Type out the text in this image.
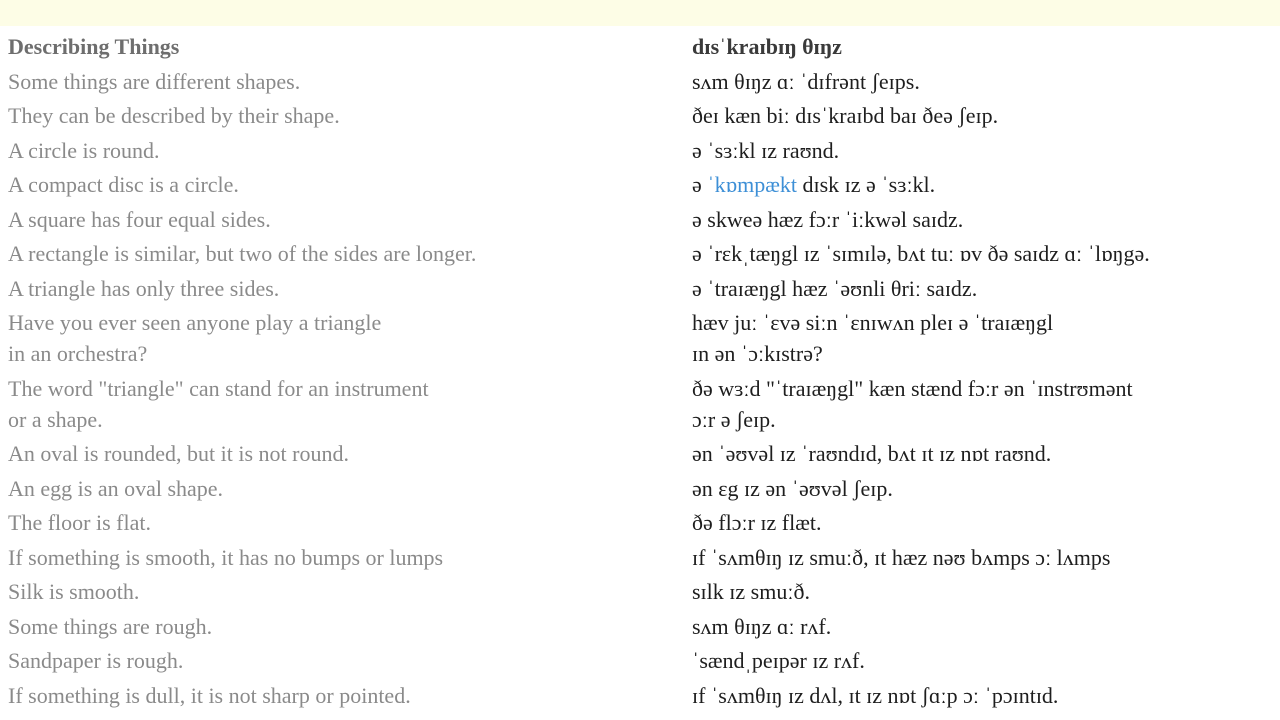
Describing Things
Some things are different shapes.
They can be described by their shape.
A circle is round.
A compact disc is a circle.
A square has four equal sides.
A rectangle is similar, but two of the sides are longer.
A triangle has only three sides.
Have you ever seen anyone play a triangle
in an orchestra?
The word "triangle" can stand for an instrument
or a shape.
An oval is rounded, but it is not round.
An egg is an oval shape.
The floor is flat.
If something is smooth, it has no bumps or lumps
Silk is smooth.
Some things are rough.
Sandpaper is rough.
If something is dull, it is not sharp or pointed.
dɪsˈkraɪbɪŋ θɪŋz
sʌm θɪŋz ɑː ˈdɪfrənt ʃeɪps.
ðeɪ kæn biː dɪsˈkraɪbd baɪ ðeə ʃeɪp.
ə ˈsɜːkl ɪz raʊnd.
ə ˈkɒmpækt dɪsk ɪz ə ˈsɜːkl.
ə skweə hæz fɔːr ˈiːkwəl saɪdz.
ə ˈrɛkˌtæŋgl ɪz ˈsɪmɪlə, bʌt tuː ɒv ðə saɪdz ɑː ˈlɒŋgə.
ə ˈtraɪæŋgl hæz ˈəʊnli θriː saɪdz.
hæv juː ˈɛvə siːn ˈɛnɪwʌn pleɪ ə ˈtraɪæŋgl
ɪn ən ˈɔːkɪstrə?
ðə wɜːd "ˈtraɪæŋgl" kæn stænd fɔːr ən ˈɪnstrʊmənt
ɔːr ə ʃeɪp.
ən ˈəʊvəl ɪz ˈraʊndɪd, bʌt ɪt ɪz nɒt raʊnd.
ən ɛg ɪz ən ˈəʊvəl ʃeɪp.
ðə flɔːr ɪz flæt.
ɪf ˈsʌmθɪŋ ɪz smuːð, ɪt hæz nəʊ bʌmps ɔː lʌmps
sɪlk ɪz smuːð.
sʌm θɪŋz ɑː rʌf.
ˈsændˌpeɪpər ɪz rʌf.
ɪf ˈsʌmθɪŋ ɪz dʌl, ɪt ɪz nɒt ʃɑːp ɔː ˈpɔɪntɪd.
